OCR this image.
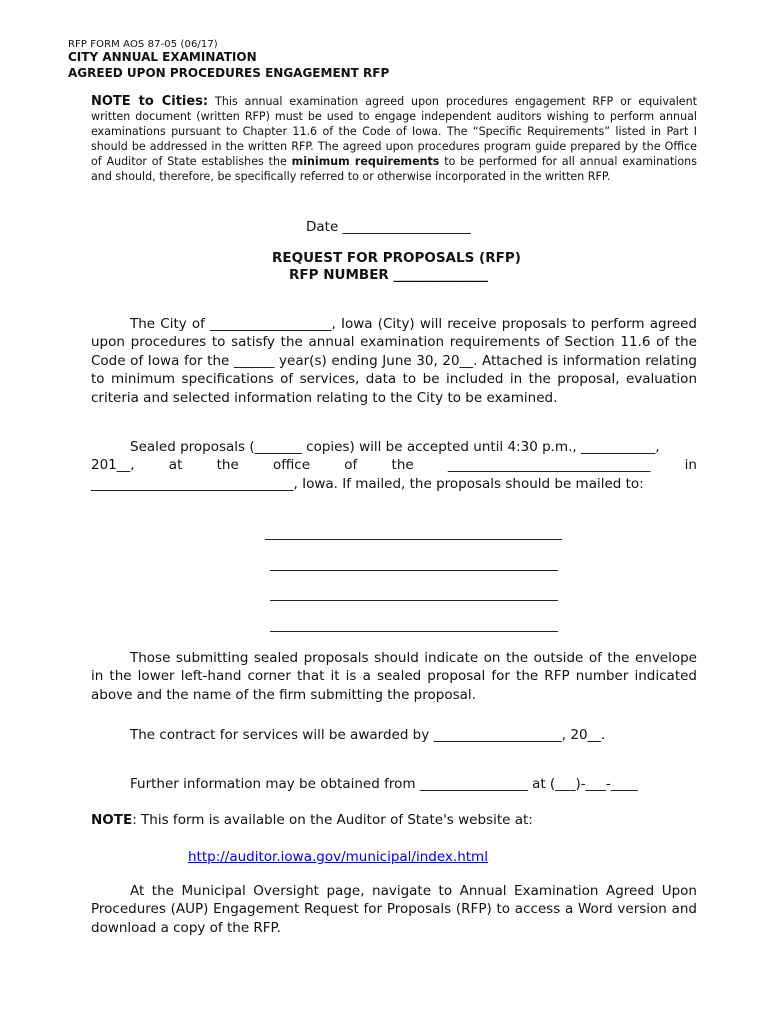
RFP FORM AOS 87-05 (06/17)
CITY ANNUAL EXAMINATION
AGREED UPON PROCEDURES ENGAGEMENT RFP
NOTE to Cities: This annual examination agreed upon procedures engagement RFP or equivalent written document (written RFP) must be used to engage independent auditors wishing to perform annual examinations pursuant to Chapter 11.6 of the Code of Iowa. The “Specific Requirements” listed in Part I should be addressed in the written RFP. The agreed upon procedures program guide prepared by the Office of Auditor of State establishes the minimum requirements to be performed for all annual examinations and should, therefore, be specifically referred to or otherwise incorporated in the written RFP.
Date ___________________
REQUEST FOR PROPOSALS (RFP)
RFP NUMBER ______________

The City of __________________, Iowa (City) will receive proposals to perform agreed upon procedures to satisfy the annual examination requirements of Section 11.6 of the Code of Iowa for the ______ year(s) ending June 30, 20__. Attached is information relating to minimum specifications of services, data to be included in the proposal, evaluation criteria and selected information relating to the City to be examined.

Sealed proposals (_______ copies) will be accepted until 4:30 p.m., ___________,
201__,	at	the	office	of	the	______________________________	in
______________________________, Iowa. If mailed, the proposals should be mailed to:

Those submitting sealed proposals should indicate on the outside of the envelope in the lower left-hand corner that it is a sealed proposal for the RFP number indicated above and the name of the firm submitting the proposal.

The contract for services will be awarded by ___________________, 20__.
Further information may be obtained from ________________ at (___)-___-____
NOTE: This form is available on the Auditor of State's website at:
http://auditor.iowa.gov/municipal/index.html

At the Municipal Oversight page, navigate to Annual Examination Agreed Upon Procedures (AUP) Engagement Request for Proposals (RFP) to access a Word version and download a copy of the RFP.
